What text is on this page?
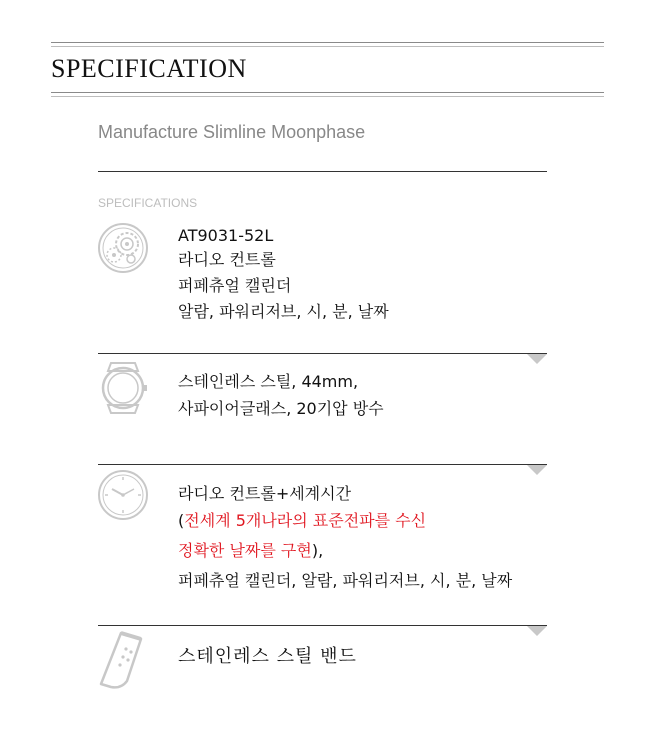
SPECIFICATION
Manufacture Slimline Moonphase
SPECIFICATIONS
AT9031-52L
라디오 컨트롤
퍼페츄얼 캘린더
알람, 파워리저브, 시, 분, 날짜
스테인레스 스틸, 44mm,
사파이어글래스, 20기압 방수
라디오 컨트롤+세계시간
(전세계 5개나라의 표준전파를 수신
정확한 날짜를 구현),
퍼페츄얼 캘린더, 알람, 파워리저브, 시, 분, 날짜
스테인레스 스틸 밴드
